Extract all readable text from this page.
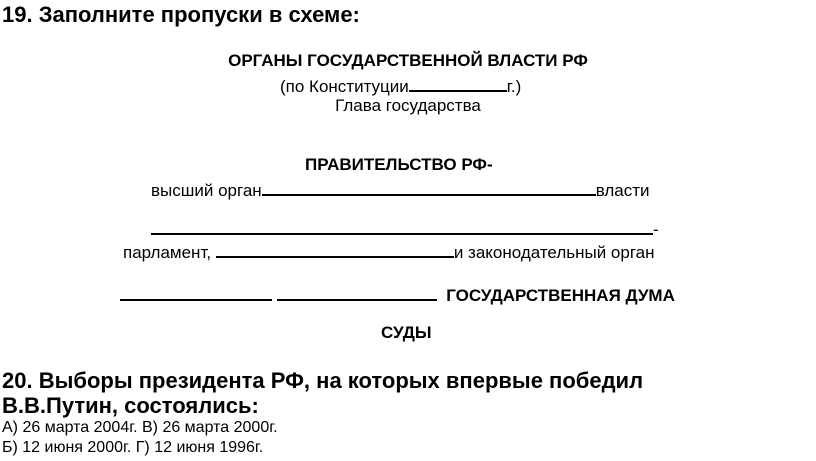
19. Заполните пропуски в схеме:
ОРГАНЫ ГОСУДАРСТВЕННОЙ ВЛАСТИ РФ
(по Конституции	г.)
Глава государства
ПРАВИТЕЛЬСТВО РФ-
высший орган	власти
-
парламент,	и законодательный орган
ГОСУДАРСТВЕННАЯ ДУМА
СУДЫ
20. Выборы президента РФ, на которых впервые победил
В.В.Путин, состоялись:
А) 26 марта 2004г. В) 26 марта 2000г.
Б) 12 июня 2000г. Г) 12 июня 1996г.
